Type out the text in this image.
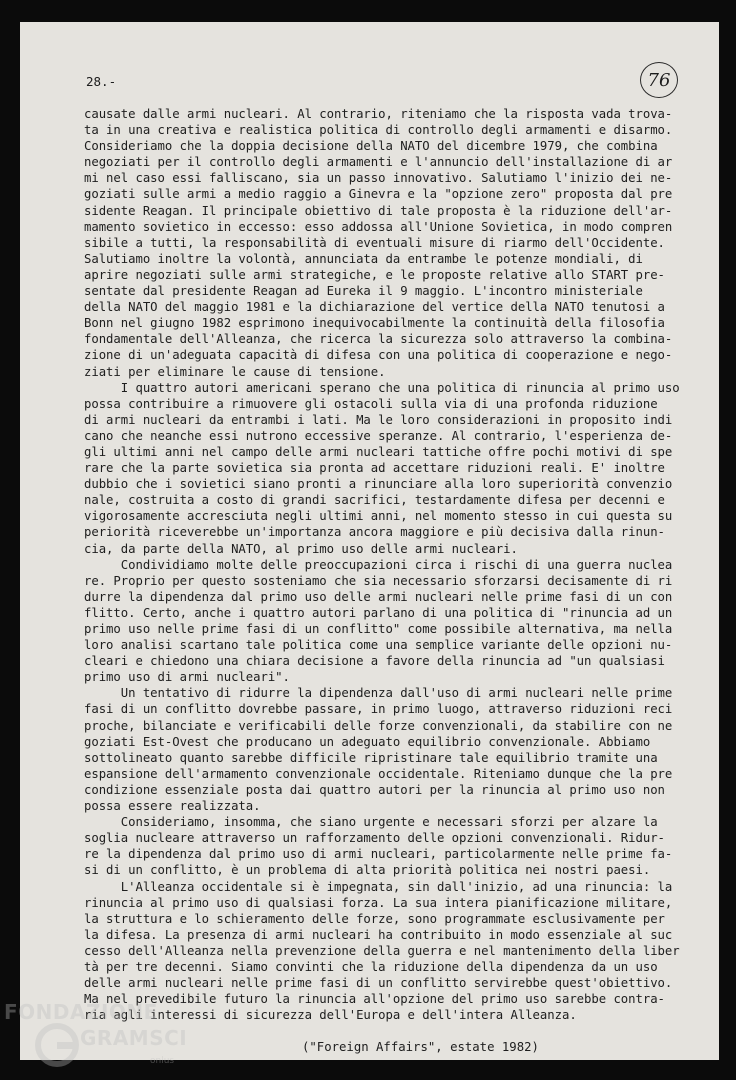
28.-	76
causate dalle armi nucleari. Al contrario, riteniamo che la risposta vada trova-
ta in una creativa e realistica politica di controllo degli armamenti e disarmo.
Consideriamo che la doppia decisione della NATO del dicembre 1979, che combina
negoziati per il controllo degli armamenti e l'annuncio dell'installazione di ar
mi nel caso essi falliscano, sia un passo innovativo. Salutiamo l'inizio dei ne-
goziati sulle armi a medio raggio a Ginevra e la "opzione zero" proposta dal pre
sidente Reagan. Il principale obiettivo di tale proposta è la riduzione dell'ar-
mamento sovietico in eccesso: esso addossa all'Unione Sovietica, in modo compren
sibile a tutti, la responsabilità di eventuali misure di riarmo dell'Occidente.
Salutiamo inoltre la volontà, annunciata da entrambe le potenze mondiali, di
aprire negoziati sulle armi strategiche, e le proposte relative allo START pre-
sentate dal presidente Reagan ad Eureka il 9 maggio. L'incontro ministeriale
della NATO del maggio 1981 e la dichiarazione del vertice della NATO tenutosi a
Bonn nel giugno 1982 esprimono inequivocabilmente la continuità della filosofia
fondamentale dell'Alleanza, che ricerca la sicurezza solo attraverso la combina-
zione di un'adeguata capacità di difesa con una politica di cooperazione e nego-
ziati per eliminare le cause di tensione.
I quattro autori americani sperano che una politica di rinuncia al primo uso
possa contribuire a rimuovere gli ostacoli sulla via di una profonda riduzione
di armi nucleari da entrambi i lati. Ma le loro considerazioni in proposito indi
cano che neanche essi nutrono eccessive speranze. Al contrario, l'esperienza de-
gli ultimi anni nel campo delle armi nucleari tattiche offre pochi motivi di spe
rare che la parte sovietica sia pronta ad accettare riduzioni reali. E' inoltre
dubbio che i sovietici siano pronti a rinunciare alla loro superiorità convenzio
nale, costruita a costo di grandi sacrifici, testardamente difesa per decenni e
vigorosamente accresciuta negli ultimi anni, nel momento stesso in cui questa su
periorità riceverebbe un'importanza ancora maggiore e più decisiva dalla rinun-
cia, da parte della NATO, al primo uso delle armi nucleari.
Condividiamo molte delle preoccupazioni circa i rischi di una guerra nuclea
re. Proprio per questo sosteniamo che sia necessario sforzarsi decisamente di ri
durre la dipendenza dal primo uso delle armi nucleari nelle prime fasi di un con
flitto. Certo, anche i quattro autori parlano di una politica di "rinuncia ad un
primo uso nelle prime fasi di un conflitto" come possibile alternativa, ma nella
loro analisi scartano tale politica come una semplice variante delle opzioni nu-
cleari e chiedono una chiara decisione a favore della rinuncia ad "un qualsiasi
primo uso di armi nucleari".
Un tentativo di ridurre la dipendenza dall'uso di armi nucleari nelle prime
fasi di un conflitto dovrebbe passare, in primo luogo, attraverso riduzioni reci
proche, bilanciate e verificabili delle forze convenzionali, da stabilire con ne
goziati Est-Ovest che producano un adeguato equilibrio convenzionale. Abbiamo
sottolineato quanto sarebbe difficile ripristinare tale equilibrio tramite una
espansione dell'armamento convenzionale occidentale. Riteniamo dunque che la pre
condizione essenziale posta dai quattro autori per la rinuncia al primo uso non
possa essere realizzata.
Consideriamo, insomma, che siano urgente e necessari sforzi per alzare la
soglia nucleare attraverso un rafforzamento delle opzioni convenzionali. Ridur-
re la dipendenza dal primo uso di armi nucleari, particolarmente nelle prime fa-
si di un conflitto, è un problema di alta priorità politica nei nostri paesi.
L'Alleanza occidentale si è impegnata, sin dall'inizio, ad una rinuncia: la
rinuncia al primo uso di qualsiasi forza. La sua intera pianificazione militare,
la struttura e lo schieramento delle forze, sono programmate esclusivamente per
la difesa. La presenza di armi nucleari ha contribuito in modo essenziale al suc
cesso dell'Alleanza nella prevenzione della guerra e nel mantenimento della liber
tà per tre decenni. Siamo convinti che la riduzione della dipendenza da un uso
delle armi nucleari nelle prime fasi di un conflitto servirebbe quest'obiettivo.
Ma nel prevedibile futuro la rinuncia all'opzione del primo uso sarebbe contra-
ria agli interessi di sicurezza dell'Europa e dell'intera Alleanza.
("Foreign Affairs", estate 1982)
FONDAZIONE
GRAMSCI
onlus
